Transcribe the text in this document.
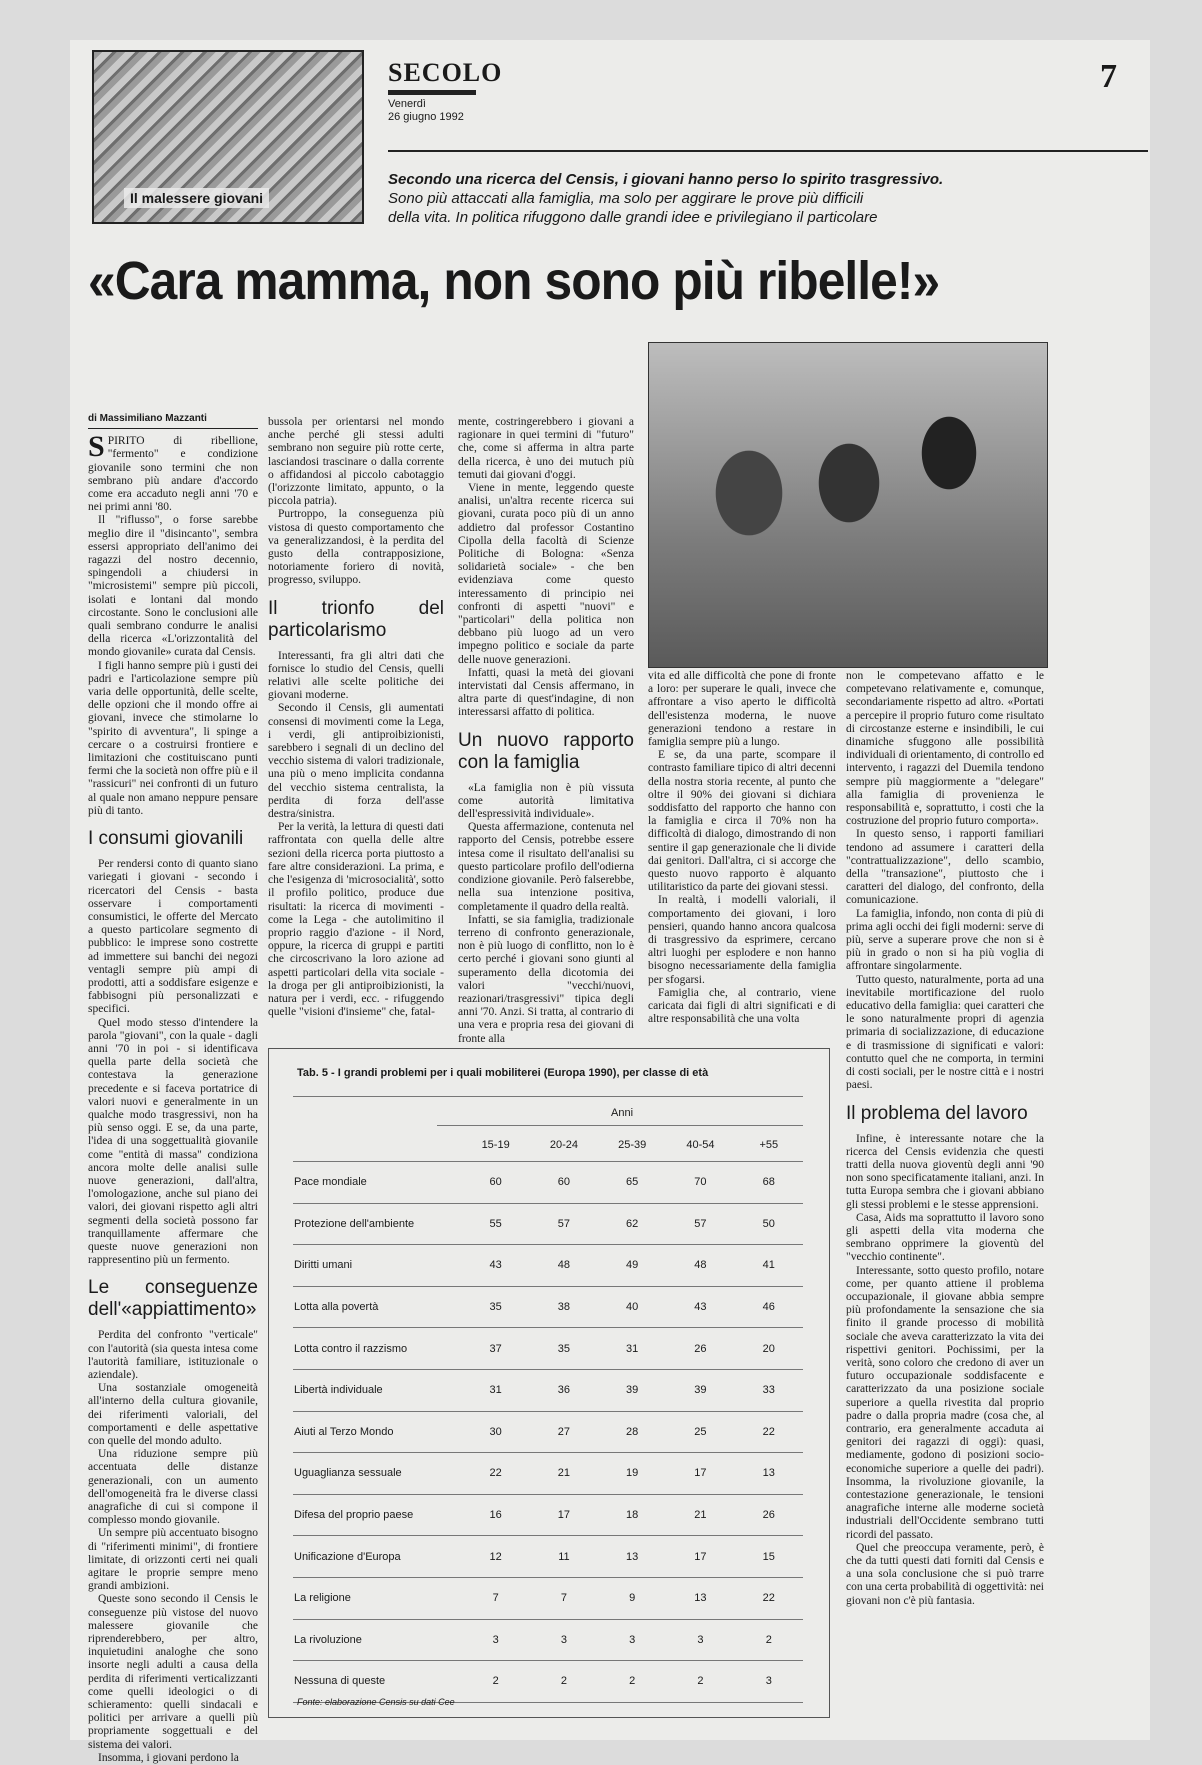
Il malessere giovani
SECOLO
Venerdì
26 giugno 1992
7
Secondo una ricerca del Censis, i giovani hanno perso lo spirito trasgressivo.
Sono più attaccati alla famiglia, ma solo per aggirare le prove più difficili
della vita. In politica rifuggono dalle grandi idee e privilegiano il particolare
«Cara mamma, non sono più ribelle!»
di Massimiliano Mazzanti

SPIRITO di ribellione, "fermento" e condizione giovanile sono termini che non sembrano più andare d'accordo come era accaduto negli anni '70 e nei primi anni '80.

Il "riflusso", o forse sarebbe meglio dire il "disincanto", sembra essersi appropriato dell'animo dei ragazzi del nostro decennio, spingendoli a chiudersi in "microsistemi" sempre più piccoli, isolati e lontani dal mondo circostante. Sono le conclusioni alle quali sembrano condurre le analisi della ricerca «L'orizzontalità del mondo giovanile» curata dal Censis.

I figli hanno sempre più i gusti dei padri e l'articolazione sempre più varia delle opportunità, delle scelte, delle opzioni che il mondo offre ai giovani, invece che stimolarne lo "spirito di avventura", li spinge a cercare o a costruirsi frontiere e limitazioni che costituiscano punti fermi che la società non offre più e il "rassicuri" nei confronti di un futuro al quale non amano neppure pensare più di tanto.

I consumi giovanili

Per rendersi conto di quanto siano variegati i giovani - secondo i ricercatori del Censis - basta osservare i comportamenti consumistici, le offerte del Mercato a questo particolare segmento di pubblico: le imprese sono costrette ad immettere sui banchi dei negozi ventagli sempre più ampi di prodotti, atti a soddisfare esigenze e fabbisogni più personalizzati e specifici.

Quel modo stesso d'intendere la parola "giovani", con la quale - dagli anni '70 in poi - si identificava quella parte della società che contestava la generazione precedente e si faceva portatrice di valori nuovi e generalmente in un qualche modo trasgressivi, non ha più senso oggi. E se, da una parte, l'idea di una soggettualità giovanile come "entità di massa" condiziona ancora molte delle analisi sulle nuove generazioni, dall'altra, l'omologazione, anche sul piano dei valori, dei giovani rispetto agli altri segmenti della società possono far tranquillamente affermare che queste nuove generazioni non rappresentino più un fermento.

Le conseguenze dell'«appiattimento»

Perdita del confronto "verticale" con l'autorità (sia questa intesa come l'autorità familiare, istituzionale o aziendale).

Una sostanziale omogeneità all'interno della cultura giovanile, dei riferimenti valoriali, del comportamenti e delle aspettative con quelle del mondo adulto.

Una riduzione sempre più accentuata delle distanze generazionali, con un aumento dell'omogeneità fra le diverse classi anagrafiche di cui si compone il complesso mondo giovanile.

Un sempre più accentuato bisogno di "riferimenti minimi", di frontiere limitate, di orizzonti certi nei quali agitare le proprie sempre meno grandi ambizioni.

Queste sono secondo il Censis le conseguenze più vistose del nuovo malessere giovanile che riprenderebbero, per altro, inquietudini analoghe che sono insorte negli adulti a causa della perdita di riferimenti verticalizzanti come quelli ideologici o di schieramento: quelli sindacali e politici per arrivare a quelli più propriamente soggettuali e del sistema dei valori.

Insomma, i giovani perdono la

bussola per orientarsi nel mondo anche perché gli stessi adulti sembrano non seguire più rotte certe, lasciandosi trascinare o dalla corrente o affidandosi al piccolo cabotaggio (l'orizzonte limitato, appunto, o la piccola patria).

Purtroppo, la conseguenza più vistosa di questo comportamento che va generalizzandosi, è la perdita del gusto della contrapposizione, notoriamente foriero di novità, progresso, sviluppo.

Il trionfo del particolarismo

Interessanti, fra gli altri dati che fornisce lo studio del Censis, quelli relativi alle scelte politiche dei giovani moderne.

Secondo il Censis, gli aumentati consensi di movimenti come la Lega, i verdi, gli antiproibizionisti, sarebbero i segnali di un declino del vecchio sistema di valori tradizionale, una più o meno implicita condanna del vecchio sistema centralista, la perdita di forza dell'asse destra/sinistra.

Per la verità, la lettura di questi dati raffrontata con quella delle altre sezioni della ricerca porta piuttosto a fare altre considerazioni. La prima, e che l'esigenza di 'microsocialità', sotto il profilo politico, produce due risultati: la ricerca di movimenti - come la Lega - che autolimitino il proprio raggio d'azione - il Nord, oppure, la ricerca di gruppi e partiti che circoscrivano la loro azione ad aspetti particolari della vita sociale - la droga per gli antiproibizionisti, la natura per i verdi, ecc. - rifuggendo quelle "visioni d'insieme" che, fatal-

mente, costringerebbero i giovani a ragionare in quei termini di "futuro" che, come si afferma in altra parte della ricerca, è uno dei mutuch più temuti dai giovani d'oggi.

Viene in mente, leggendo queste analisi, un'altra recente ricerca sui giovani, curata poco più di un anno addietro dal professor Costantino Cipolla della facoltà di Scienze Politiche di Bologna: «Senza solidarietà sociale» - che ben evidenziava come questo interessamento di principio nei confronti di aspetti "nuovi" e "particolari" della politica non debbano più luogo ad un vero impegno politico e sociale da parte delle nuove generazioni.

Infatti, quasi la metà dei giovani intervistati dal Censis affermano, in altra parte di quest'indagine, di non interessarsi affatto di politica.

Un nuovo rapporto con la famiglia

«La famiglia non è più vissuta come autorità limitativa dell'espressività individuale».

Questa affermazione, contenuta nel rapporto del Censis, potrebbe essere intesa come il risultato dell'analisi su questo particolare profilo dell'odierna condizione giovanile. Però falserebbe, nella sua intenzione positiva, completamente il quadro della realtà.

Infatti, se sia famiglia, tradizionale terreno di confronto generazionale, non è più luogo di conflitto, non lo è certo perché i giovani sono giunti al superamento della dicotomia dei valori "vecchi/nuovi, reazionari/trasgressivi" tipica degli anni '70. Anzi. Si tratta, al contrario di una vera e propria resa dei giovani di fronte alla

vita ed alle difficoltà che pone di fronte a loro: per superare le quali, invece che affrontare a viso aperto le difficoltà dell'esistenza moderna, le nuove generazioni tendono a restare in famiglia sempre più a lungo.

E se, da una parte, scompare il contrasto familiare tipico di altri decenni della nostra storia recente, al punto che oltre il 90% dei giovani si dichiara soddisfatto del rapporto che hanno con la famiglia e circa il 70% non ha difficoltà di dialogo, dimostrando di non sentire il gap generazionale che li divide dai genitori. Dall'altra, ci si accorge che questo nuovo rapporto è alquanto utilitaristico da parte dei giovani stessi.

In realtà, i modelli valoriali, il comportamento dei giovani, i loro pensieri, quando hanno ancora qualcosa di trasgressivo da esprimere, cercano altri luoghi per esplodere e non hanno bisogno necessariamente della famiglia per sfogarsi.

Famiglia che, al contrario, viene caricata dai figli di altri significati e di altre responsabilità che una volta

non le competevano affatto e le competevano relativamente e, comunque, secondariamente rispetto ad altro. «Portati a percepire il proprio futuro come risultato di circostanze esterne e insindibili, le cui dinamiche sfuggono alle possibilità individuali di orientamento, di controllo ed intervento, i ragazzi del Duemila tendono sempre più maggiormente a "delegare" alla famiglia di provenienza le responsabilità e, soprattutto, i costi che la costruzione del proprio futuro comporta».

In questo senso, i rapporti familiari tendono ad assumere i caratteri della "contrattualizzazione", dello scambio, della "transazione", piuttosto che i caratteri del dialogo, del confronto, della comunicazione.

La famiglia, infondo, non conta di più di prima agli occhi dei figli moderni: serve di più, serve a superare prove che non si è più in grado o non si ha più voglia di affrontare singolarmente.

Tutto questo, naturalmente, porta ad una inevitabile mortificazione del ruolo educativo della famiglia: quei caratteri che le sono naturalmente propri di agenzia primaria di socializzazione, di educazione e di trasmissione di significati e valori: contutto quel che ne comporta, in termini di costi sociali, per le nostre città e i nostri paesi.

Il problema del lavoro

Infine, è interessante notare che la ricerca del Censis evidenzia che questi tratti della nuova gioventù degli anni '90 non sono specificatamente italiani, anzi. In tutta Europa sembra che i giovani abbiano gli stessi problemi e le stesse apprensioni.

Casa, Aids ma soprattutto il lavoro sono gli aspetti della vita moderna che sembrano opprimere la gioventù del "vecchio continente".

Interessante, sotto questo profilo, notare come, per quanto attiene il problema occupazionale, il giovane abbia sempre più profondamente la sensazione che sia finito il grande processo di mobilità sociale che aveva caratterizzato la vita dei rispettivi genitori. Pochissimi, per la verità, sono coloro che credono di aver un futuro occupazionale soddisfacente e caratterizzato da una posizione sociale superiore a quella rivestita dal proprio padre o dalla propria madre (cosa che, al contrario, era generalmente accaduta ai genitori dei ragazzi di oggi): quasi, mediamente, godono di posizioni socio-economiche superiore a quelle dei padri). Insomma, la rivoluzione giovanile, la contestazione generazionale, le tensioni anagrafiche interne alle moderne società industriali dell'Occidente sembrano tutti ricordi del passato.

Quel che preoccupa veramente, però, è che da tutti questi dati forniti dal Censis e a una sola conclusione che si può trarre con una certa probabilità di oggettività: nei giovani non c'è più fantasia.

Tab. 5 - I grandi problemi per i quali mobiliterei (Europa 1990), per classe di età
Anni
	15-19	20-24	25-39	40-54	+55
Pace mondiale	60	60	65	70	68
Protezione dell'ambiente	55	57	62	57	50
Diritti umani	43	48	49	48	41
Lotta alla povertà	35	38	40	43	46
Lotta contro il razzismo	37	35	31	26	20
Libertà individuale	31	36	39	39	33
Aiuti al Terzo Mondo	30	27	28	25	22
Uguaglianza sessuale	22	21	19	17	13
Difesa del proprio paese	16	17	18	21	26
Unificazione d'Europa	12	11	13	17	15
La religione	7	7	9	13	22
La rivoluzione	3	3	3	3	2
Nessuna di queste	2	2	2	2	3
Fonte: elaborazione Censis su dati Cee
